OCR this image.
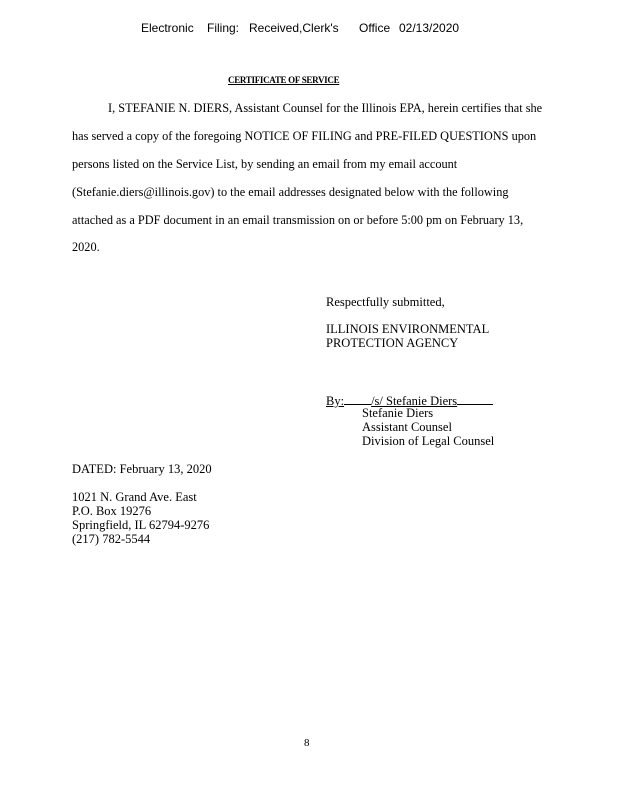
Electronic Filing: Received,Clerk's Office 02/13/2020
CERTIFICATE OF SERVICE
I, STEFANIE N. DIERS, Assistant Counsel for the Illinois EPA, herein certifies that she
has served a copy of the foregoing NOTICE OF FILING and PRE-FILED QUESTIONS upon
persons listed on the Service List, by sending an email from my email account
(Stefanie.diers@illinois.gov) to the email addresses designated below with the following
attached as a PDF document in an email transmission on or before 5:00 pm on February 13,
2020.
Respectfully submitted,
ILLINOIS ENVIRONMENTAL
PROTECTION AGENCY
By: /s/ Stefanie Diers
Stefanie Diers
Assistant Counsel
Division of Legal Counsel
DATED: February 13, 2020
1021 N. Grand Ave. East
P.O. Box 19276
Springfield, IL 62794-9276
(217) 782-5544
8
